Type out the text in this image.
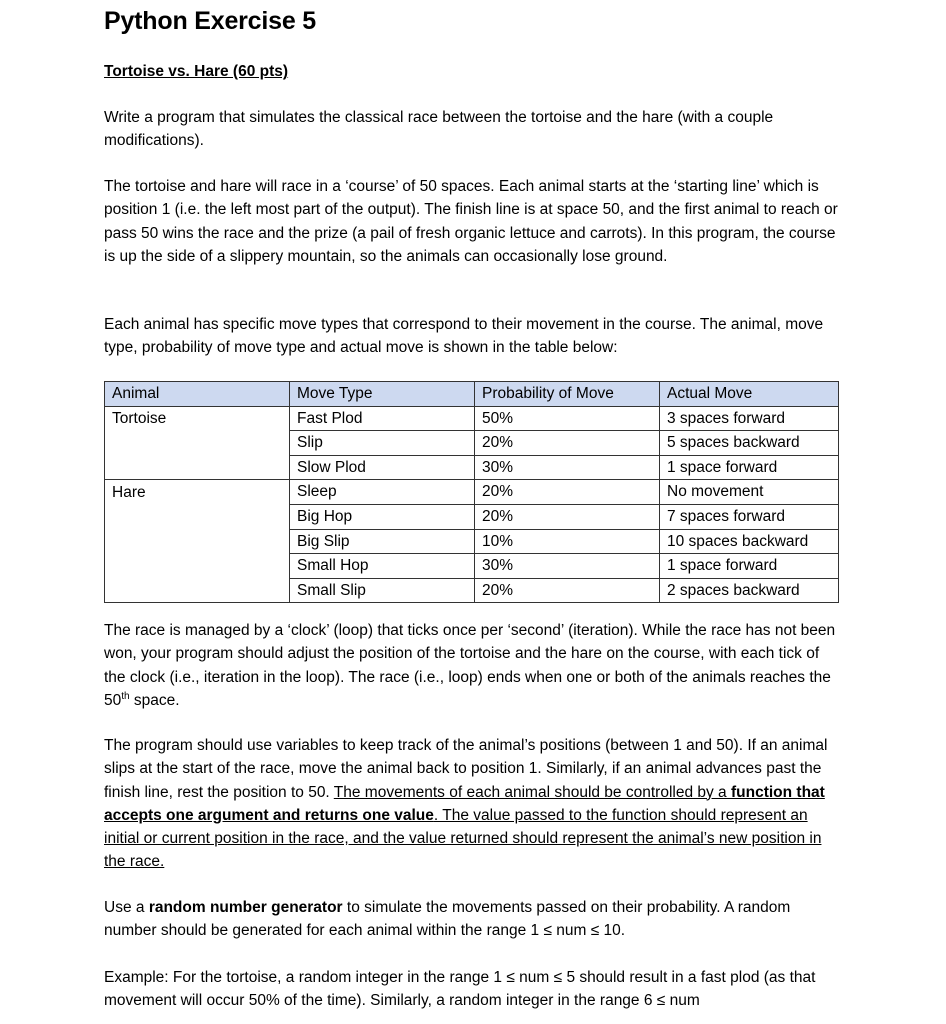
Python Exercise 5
Tortoise vs. Hare (60 pts)

Write a program that simulates the classical race between the tortoise and the hare (with a couple modifications).

The tortoise and hare will race in a ‘course’ of 50 spaces. Each animal starts at the ‘starting line’ which is position 1 (i.e. the left most part of the output). The finish line is at space 50, and the first animal to reach or pass 50 wins the race and the prize (a pail of fresh organic lettuce and carrots). In this program, the course is up the side of a slippery mountain, so the animals can occasionally lose ground.

Each animal has specific move types that correspond to their movement in the course. The animal, move type, probability of move type and actual move is shown in the table below:

Animal	Move Type	Probability of Move	Actual Move
Tortoise	Fast Plod	50%	3 spaces forward
	Slip	20%	5 spaces backward
	Slow Plod	30%	1 space forward
Hare	Sleep	20%	No movement
	Big Hop	20%	7 spaces forward
	Big Slip	10%	10 spaces backward
	Small Hop	30%	1 space forward
	Small Slip	20%	2 spaces backward

The race is managed by a ‘clock’ (loop) that ticks once per ‘second’ (iteration). While the race has not been won, your program should adjust the position of the tortoise and the hare on the course, with each tick of the clock (i.e., iteration in the loop). The race (i.e., loop) ends when one or both of the animals reaches the 50th space.

The program should use variables to keep track of the animal’s positions (between 1 and 50). If an animal slips at the start of the race, move the animal back to position 1. Similarly, if an animal advances past the finish line, rest the position to 50. The movements of each animal should be controlled by a function that accepts one argument and returns one value. The value passed to the function should represent an initial or current position in the race, and the value returned should represent the animal’s new position in the race.

Use a random number generator to simulate the movements passed on their probability. A random number should be generated for each animal within the range 1 ≤ num ≤ 10.

Example: For the tortoise, a random integer in the range 1 ≤ num ≤ 5 should result in a fast plod (as that movement will occur 50% of the time). Similarly, a random integer in the range 6 ≤ num
